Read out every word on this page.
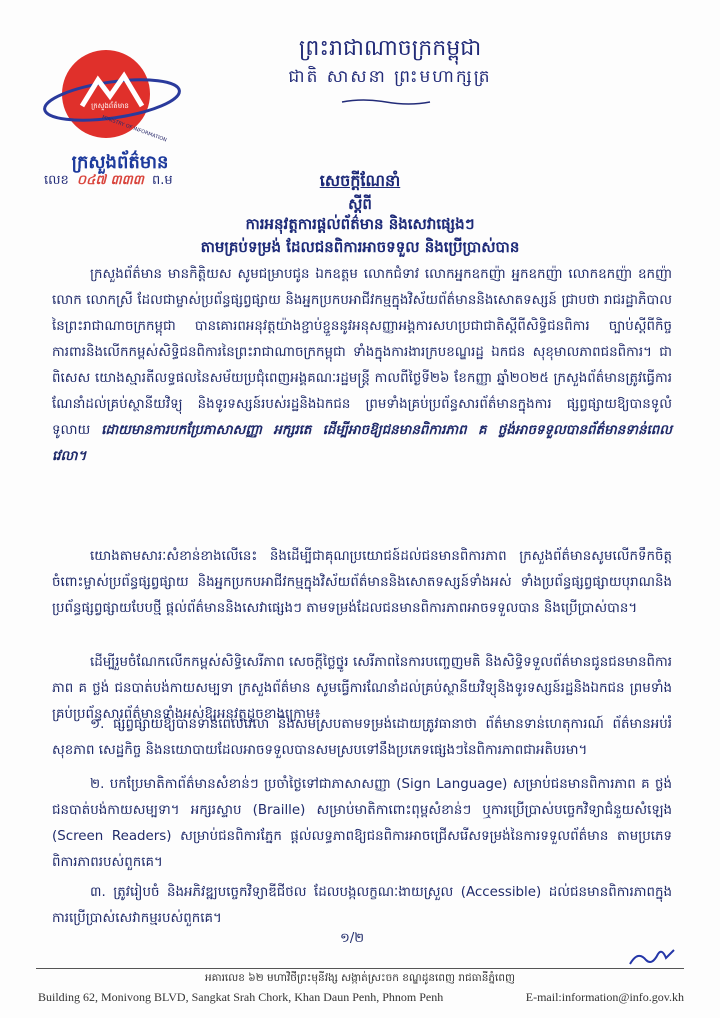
ក្រសួងព័ត៌មាន
MINISTRY OF INFORMATION
ក្រសួងព័ត៌មាន
ព្រះរាជាណាចក្រកម្ពុជា
ជាតិ សាសនា ព្រះមហាក្សត្រ
លេខ ០៤៧ ៣៣៣ ព.ម	សេចក្តីណែនាំ
ស្តីពី
ការអនុវត្តការផ្តល់ព័ត៌មាន និងសេវាផ្សេងៗ
តាមគ្រប់ទម្រង់ ដែលជនពិការអាចទទួល និងប្រើប្រាស់បាន
ក្រសួងព័ត៌មាន មានកិត្តិយស សូមជម្រាបជូន ឯកឧត្តម លោកជំទាវ លោកអ្នកឧកញ៉ា អ្នកឧកញ៉ា លោកឧកញ៉ា ឧកញ៉ា លោក លោកស្រី ដែលជាម្ចាស់ប្រព័ន្ធផ្សព្វផ្សាយ និងអ្នកប្រកបអាជីវកម្មក្នុងវិស័យព័ត៌មាននិងសោតទស្សន៍ ជ្រាបថា រាជរដ្ឋាភិបាល នៃព្រះរាជាណាចក្រកម្ពុជា បានគោរពអនុវត្តយ៉ាងខ្ជាប់ខ្ជួននូវអនុសញ្ញាអង្គការសហប្រជាជាតិស្តីពីសិទ្ធិជនពិការ ច្បាប់ស្តីពីកិច្ចការពារនិងលើកកម្ពស់សិទ្ធិជនពិការនៃព្រះរាជាណាចក្រកម្ពុជា ទាំងក្នុងការងារក្របខណ្ឌរដ្ឋ ឯកជន សុខុមាលភាពជនពិការ។ ជាពិសេស យោងស្មារតីលទ្ធផលនៃសម័យប្រជុំពេញអង្គគណៈរដ្ឋមន្ត្រី កាលពីថ្ងៃទី២៦ ខែកញ្ញា ឆ្នាំ២០២៥ ក្រសួងព័ត៌មានត្រូវធ្វើការណែនាំដល់គ្រប់ស្ថានីយវិទ្យុ និងទូរទស្សន៍របស់រដ្ឋនិងឯកជន ព្រមទាំងគ្រប់ប្រព័ន្ធសារព័ត៌មានក្នុងការ ផ្សព្វផ្សាយឱ្យបានទូលំទូលាយ ដោយមានការបកប្រែភាសាសញ្ញា អក្សរតេ ដើម្បីអាចឱ្យជនមានពិការភាព គ ថ្លង់អាចទទួលបានព័ត៌មានទាន់ពេលវេលា។
យោងតាមសារៈសំខាន់ខាងលើនេះ និងដើម្បីជាគុណប្រយោជន៍ដល់ជនមានពិការភាព ក្រសួងព័ត៌មានសូមលើកទឹកចិត្តចំពោះម្ចាស់ប្រព័ន្ធផ្សព្វផ្សាយ និងអ្នកប្រកបអាជីវកម្មក្នុងវិស័យព័ត៌មាននិងសោតទស្សន៍ទាំងអស់ ទាំងប្រព័ន្ធផ្សព្វផ្សាយបុរាណនិងប្រព័ន្ធផ្សព្វផ្សាយបែបថ្មី ផ្តល់ព័ត៌មាននិងសេវាផ្សេងៗ តាមទម្រង់ដែលជនមានពិការភាពអាចទទួលបាន និងប្រើប្រាស់បាន។
ដើម្បីរួមចំណែកលើកកម្ពស់សិទ្ធិសេរីភាព សេចក្តីថ្លៃថ្នូរ សេរីភាពនៃការបញ្ចេញមតិ និងសិទ្ធិទទួលព័ត៌មានជូនជនមានពិការភាព គ ថ្លង់ ជនបាត់បង់កាយសម្បទា ក្រសួងព័ត៌មាន សូមធ្វើការណែនាំដល់គ្រប់ស្ថានីយវិទ្យុនិងទូរទស្សន៍រដ្ឋនិងឯកជន ព្រមទាំងគ្រប់ប្រព័ន្ធសារព័ត៌មានទាំងអស់ឱ្យអនុវត្តដូចខាងក្រោម៖
១. ផ្សព្វផ្សាយឱ្យបានទាន់ពេលវេលា និងសមស្របតាមទម្រង់ដោយត្រូវធានាថា ព័ត៌មានទាន់ហេតុការណ៍ ព័ត៌មានអប់រំ សុខភាព សេដ្ឋកិច្ច និងនយោបាយដែលអាចទទួលបានសមស្របទៅនឹងប្រភេទផ្សេងៗនៃពិការភាពជាអតិបរមា។
២. បកប្រែមាតិកាព័ត៌មានសំខាន់ៗ ប្រចាំថ្ងៃទៅជាភាសាសញ្ញា (Sign Language) សម្រាប់ជនមានពិការភាព គ ថ្លង់ ជនបាត់បង់កាយសម្បទា។ អក្សរស្ទាប (Braille) សម្រាប់មាតិកាពោះពុម្ពសំខាន់ៗ ឬការប្រើប្រាស់បច្ចេកវិទ្យាជំនួយសំឡេង (Screen Readers) សម្រាប់ជនពិការភ្នែក ផ្តល់លទ្ធភាពឱ្យជនពិការអាចជ្រើសរើសទម្រង់នៃការទទួលព័ត៌មាន តាមប្រភេទពិការភាពរបស់ពួកគេ។
៣. ត្រូវរៀបចំ និងអភិវឌ្ឍបច្ចេកវិទ្យាឌីជីថល ដែលបង្កលក្ខណៈងាយស្រួល (Accessible) ដល់ជនមានពិការភាពក្នុងការប្រើប្រាស់សេវាកម្មរបស់ពួកគេ។
១/២
អគារលេខ ៦២ មហាវិថីព្រះមុនីវង្ស សង្កាត់ស្រះចក ខណ្ឌដូនពេញ រាជធានីភ្នំពេញ
Building 62, Monivong BLVD, Sangkat Srah Chork, Khan Daun Penh, Phnom Penh	E-mail:information@info.gov.kh
